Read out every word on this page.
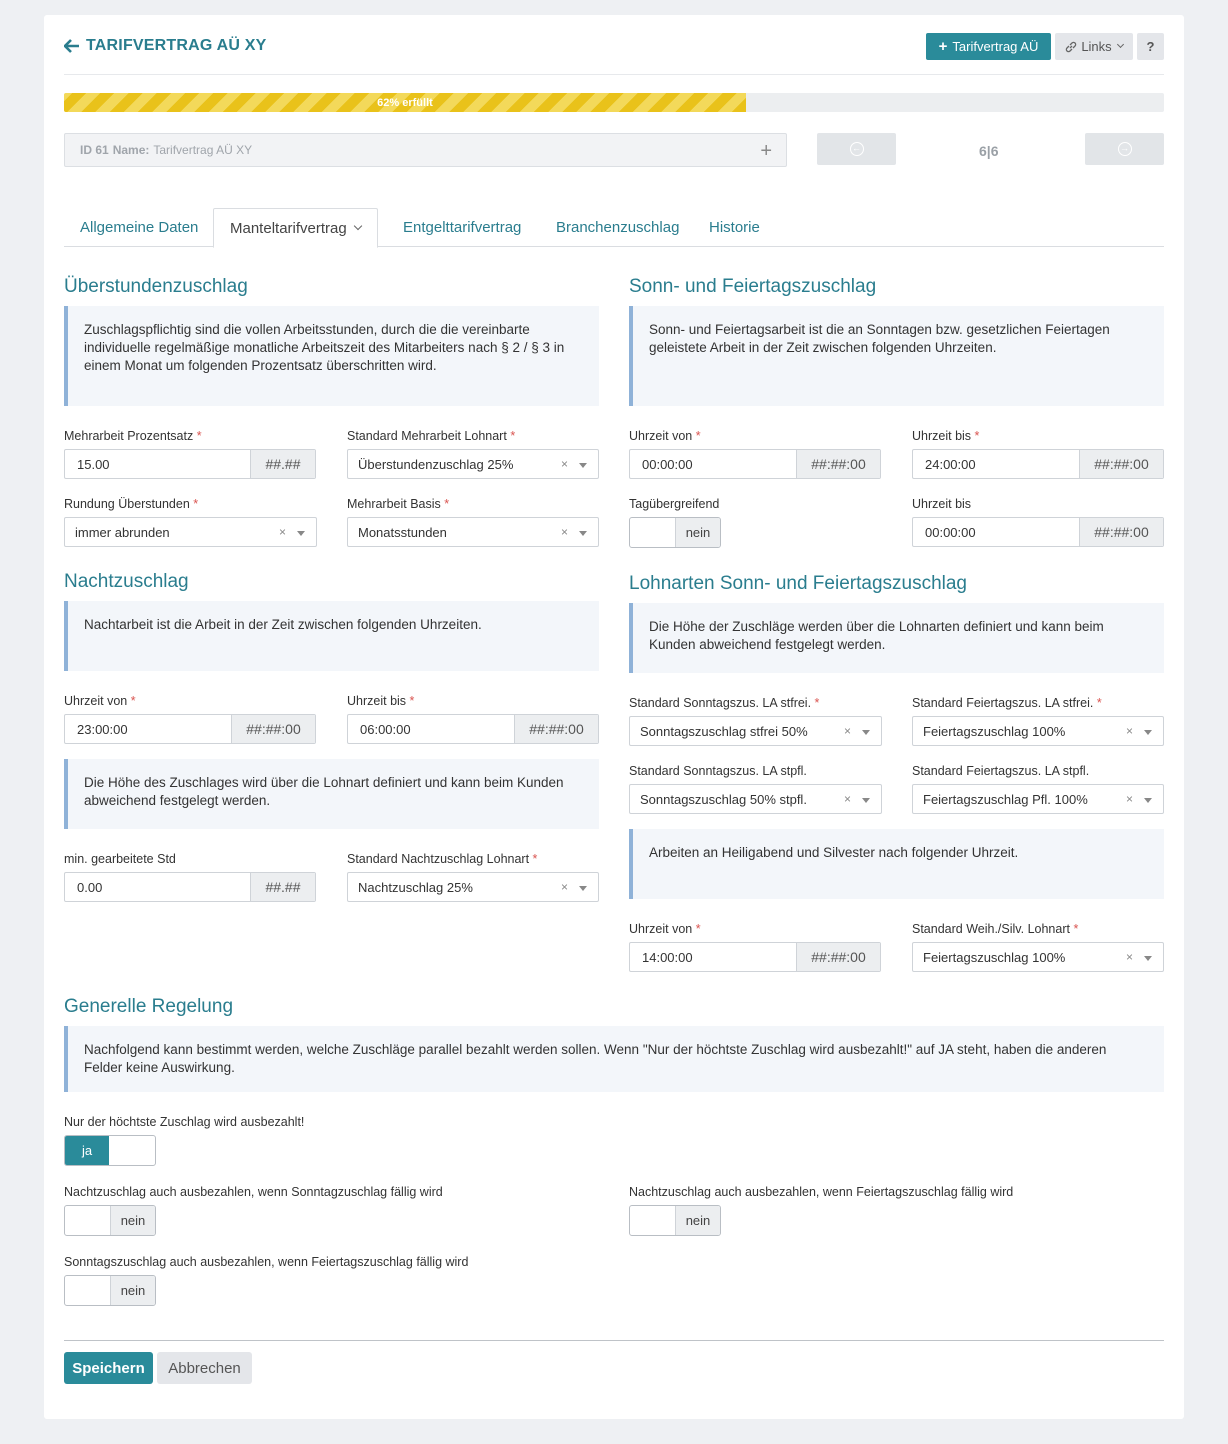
TARIFVERTRAG AÜ XY	+ Tarifvertrag AÜ	Links	?
62% erfüllt
ID 61 Name: Tarifvertrag AÜ XY	+	←	6|6	→
Allgemeine Daten Manteltarifvertrag	Entgelttarifvertrag Branchenzuschlag Historie
Überstundenzuschlag
Zuschlagspflichtig sind die vollen Arbeitsstunden, durch die die vereinbarte individuelle regelmäßige monatliche Arbeitszeit des Mitarbeiters nach § 2 / § 3 in einem Monat um folgenden Prozentsatz überschritten wird.
Mehrarbeit Prozentsatz *
15.00	##.##
Standard Mehrarbeit Lohnart *
Überstundenzuschlag 25%	×
Rundung Überstunden *
immer abrunden	×
Mehrarbeit Basis *
Monatsstunden	×
Nachtzuschlag
Nachtarbeit ist die Arbeit in der Zeit zwischen folgenden Uhrzeiten.
Uhrzeit von *
23:00:00	##:##:00
Uhrzeit bis *
06:00:00	##:##:00
Die Höhe des Zuschlages wird über die Lohnart definiert und kann beim Kunden abweichend festgelegt werden.
min. gearbeitete Std
0.00	##.##
Standard Nachtzuschlag Lohnart *
Nachtzuschlag 25%	×
Sonn- und Feiertagszuschlag
Sonn- und Feiertagsarbeit ist die an Sonntagen bzw. gesetzlichen Feiertagen geleistete Arbeit in der Zeit zwischen folgenden Uhrzeiten.
Uhrzeit von *
00:00:00	##:##:00
Uhrzeit bis *
24:00:00	##:##:00
Tagübergreifend
nein
Uhrzeit bis
00:00:00	##:##:00
Lohnarten Sonn- und Feiertagszuschlag
Die Höhe der Zuschläge werden über die Lohnarten definiert und kann beim Kunden abweichend festgelegt werden.
Standard Sonntagszus. LA stfrei. *
Sonntagszuschlag stfrei 50%	×
Standard Feiertagszus. LA stfrei. *
Feiertagszuschlag 100%	×
Standard Sonntagszus. LA stpfl.
Sonntagszuschlag 50% stpfl.	×
Standard Feiertagszus. LA stpfl.
Feiertagszuschlag Pfl. 100%	×
Arbeiten an Heiligabend und Silvester nach folgender Uhrzeit.
Uhrzeit von *
14:00:00	##:##:00
Standard Weih./Silv. Lohnart *
Feiertagszuschlag 100%	×
Generelle Regelung
Nachfolgend kann bestimmt werden, welche Zuschläge parallel bezahlt werden sollen. Wenn "Nur der höchtste Zuschlag wird ausbezahlt!" auf JA steht, haben die anderen Felder keine Auswirkung.
Nur der höchtste Zuschlag wird ausbezahlt!
ja
Nachtzuschlag auch ausbezahlen, wenn Sonntagzuschlag fällig wird
nein
Nachtzuschlag auch ausbezahlen, wenn Feiertagszuschlag fällig wird
nein
Sonntagszuschlag auch ausbezahlen, wenn Feiertagszuschlag fällig wird
nein
Speichern Abbrechen
